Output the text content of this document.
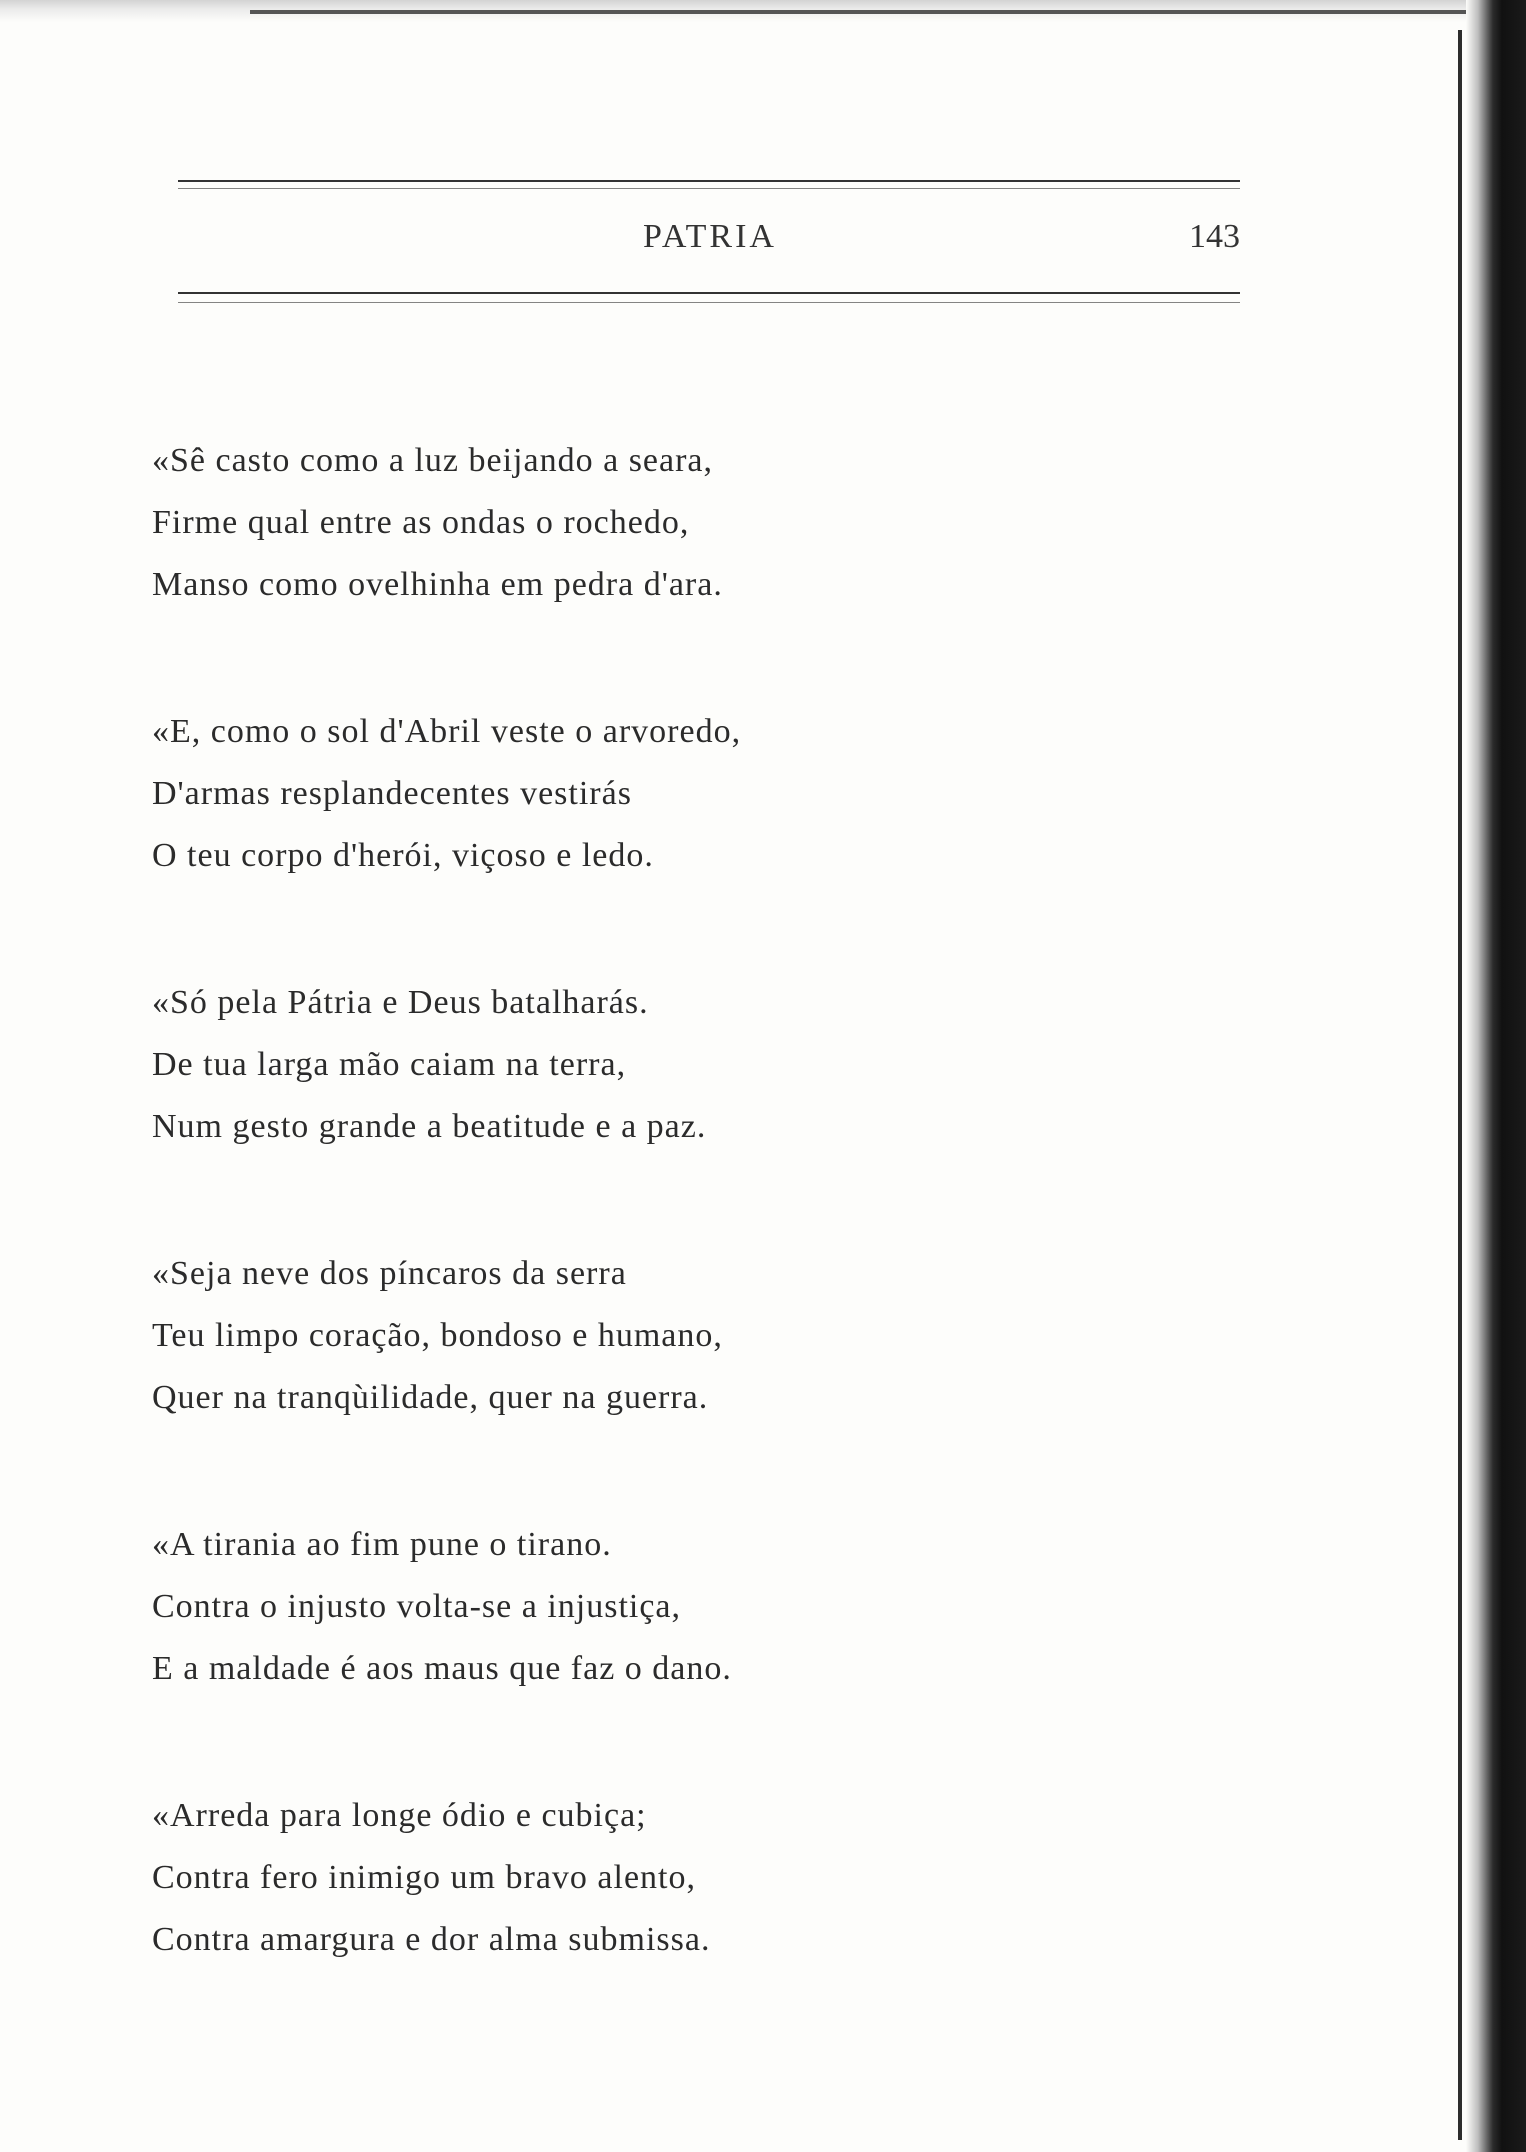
PATRIA	143
«Sê casto como a luz beijando a seara,
Firme qual entre as ondas o rochedo,
Manso como ovelhinha em pedra d'ara.
«E, como o sol d'Abril veste o arvoredo,
D'armas resplandecentes vestirás
O teu corpo d'herói, viçoso e ledo.
«Só pela Pátria e Deus batalharás.
De tua larga mão caiam na terra,
Num gesto grande a beatitude e a paz.
«Seja neve dos píncaros da serra
Teu limpo coração, bondoso e humano,
Quer na tranqùilidade, quer na guerra.
«A tirania ao fim pune o tirano.
Contra o injusto volta-se a injustiça,
E a maldade é aos maus que faz o dano.
«Arreda para longe ódio e cubiça;
Contra fero inimigo um bravo alento,
Contra amargura e dor alma submissa.
